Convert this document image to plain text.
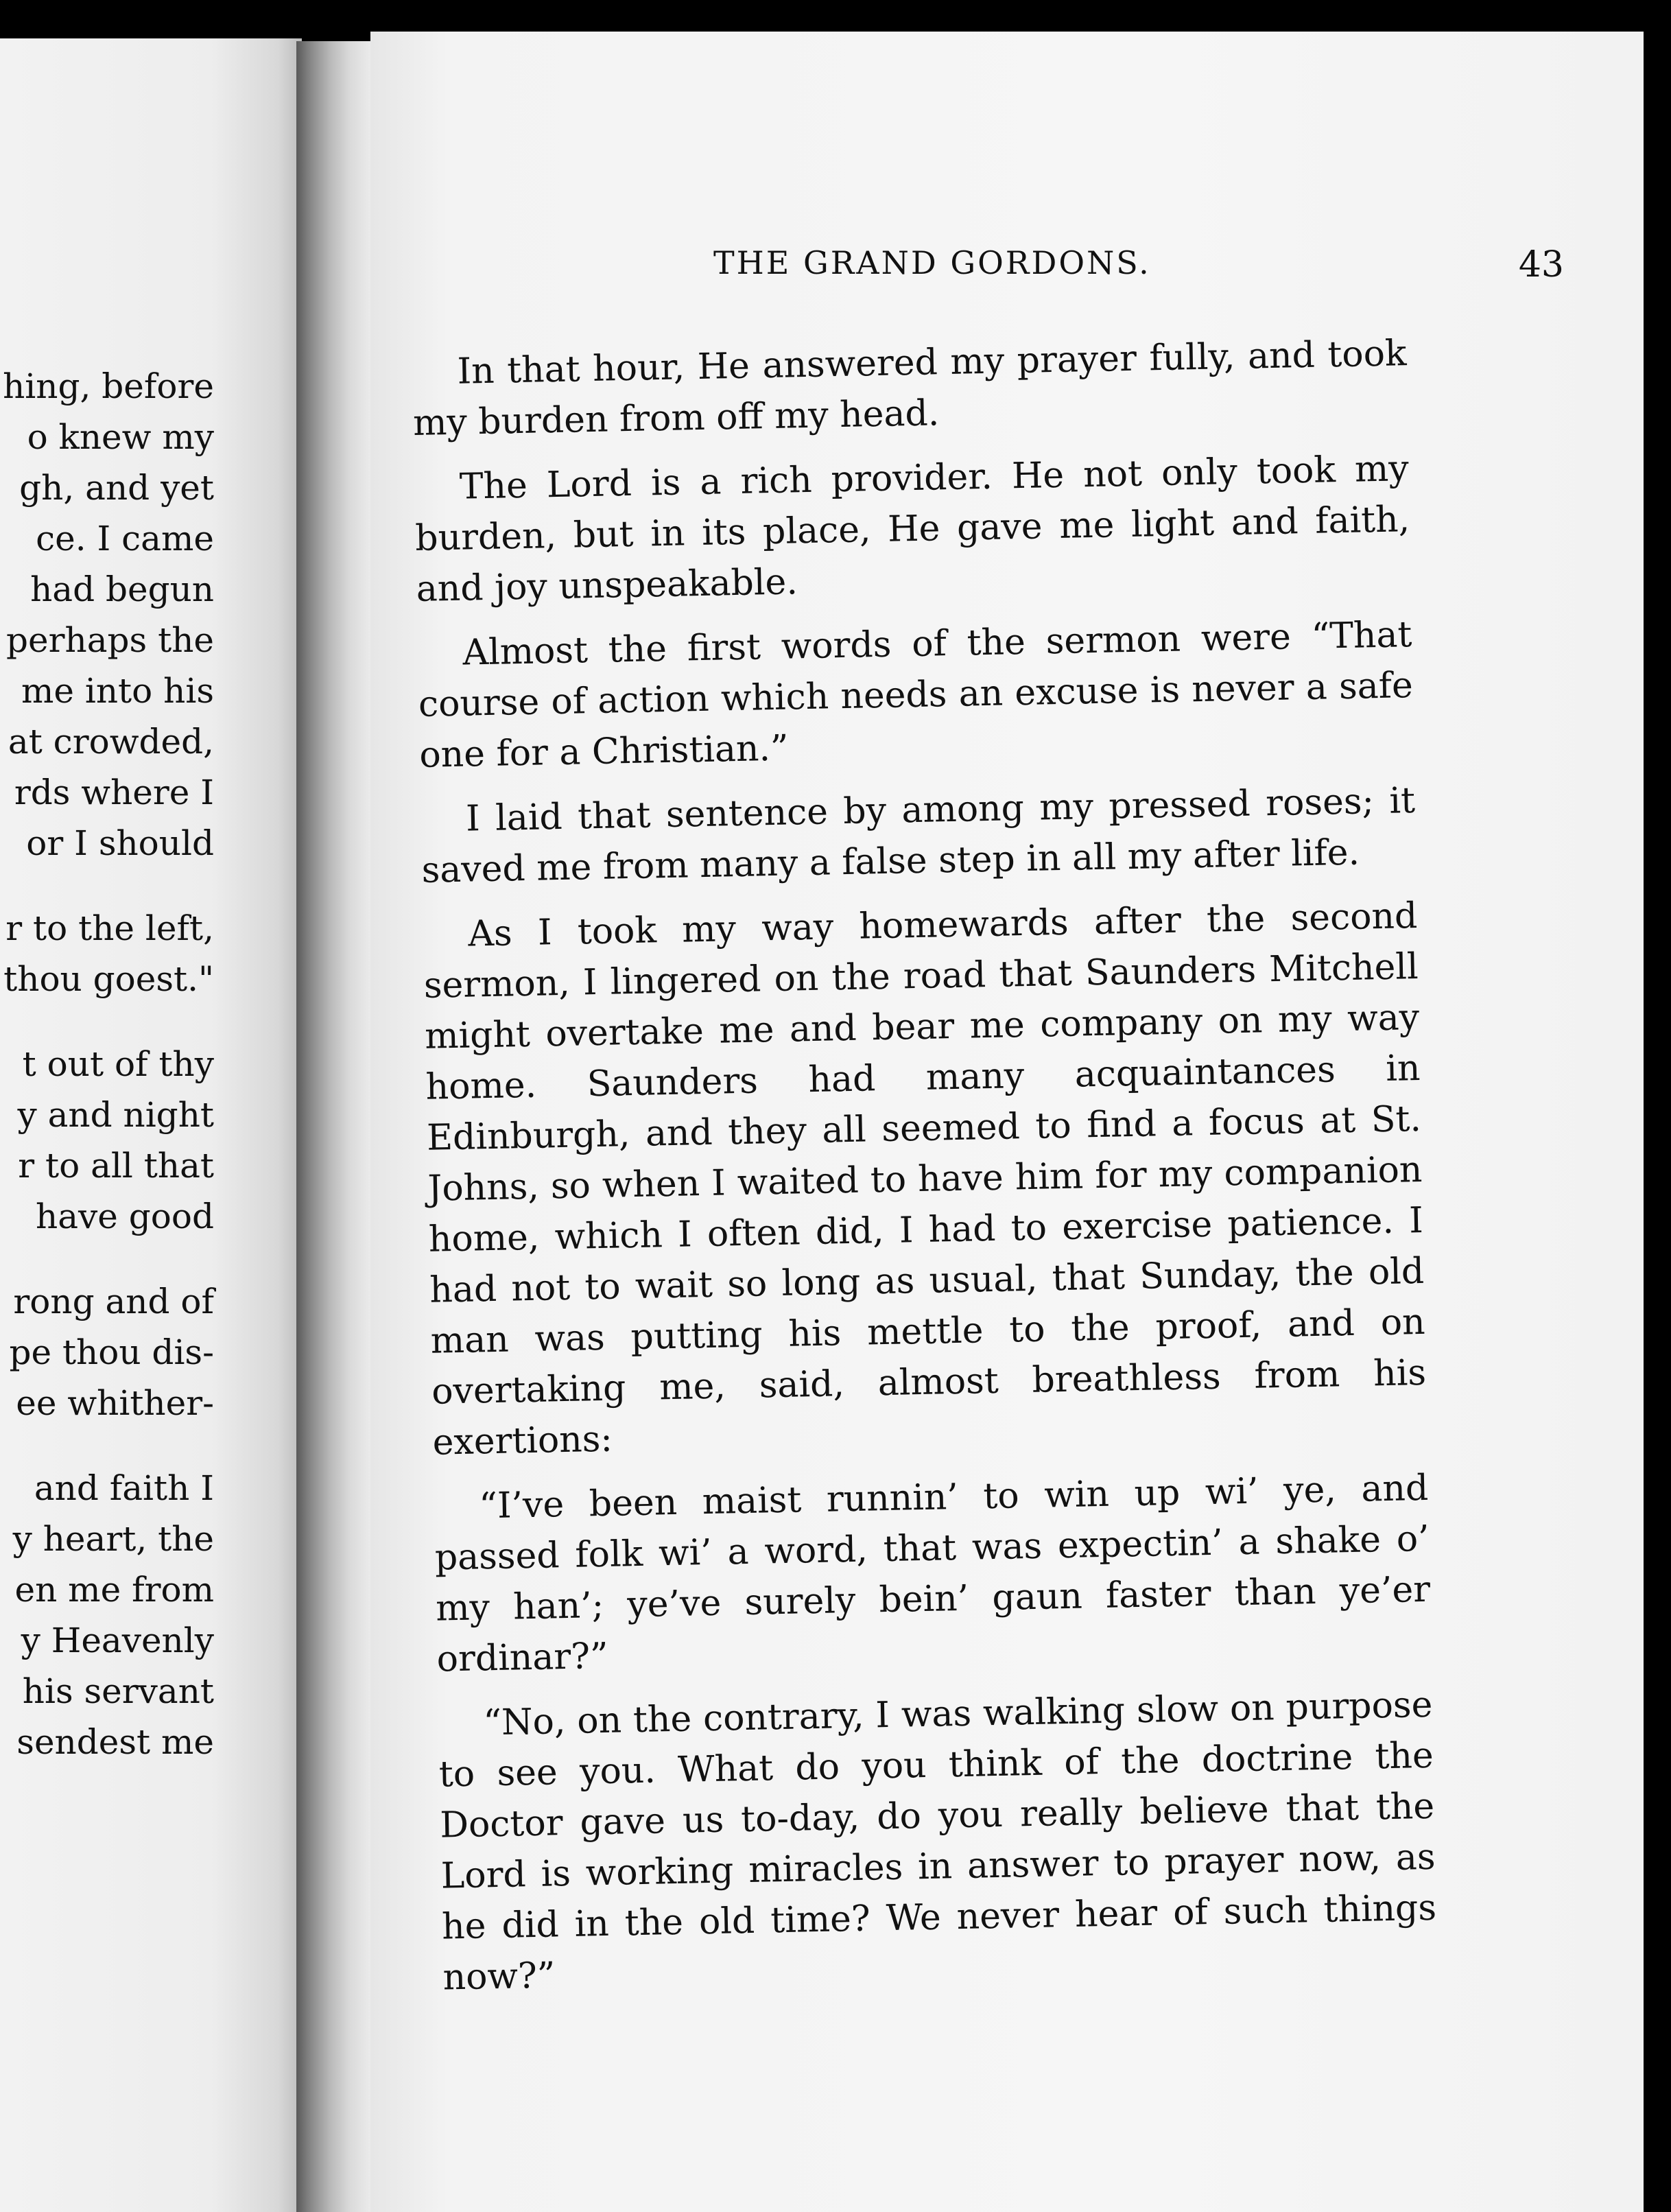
hing, before
o knew my
gh, and yet
ce. I came
had begun
perhaps the
me into his
at crowded,
rds where I
or I should
r to the left,
thou goest."
t out of thy
y and night
r to all that
have good
rong and of
pe thou dis-
ee whither-
and faith I
y heart, the
en me from
y Heavenly
his servant
sendest me
THE GRAND GORDONS.	43

In that hour, He answered my prayer fully, and took my burden from off my head.

The Lord is a rich provider. He not only took my burden, but in its place, He gave me light and faith, and joy unspeakable.

Almost the first words of the sermon were “That course of action which needs an excuse is never a safe one for a Christian.”

I laid that sentence by among my pressed roses; it saved me from many a false step in all my after life.

As I took my way homewards after the second sermon, I lingered on the road that Saunders Mitchell might overtake me and bear me company on my way home. Saunders had many acquaintances in Edinburgh, and they all seemed to find a focus at St. Johns, so when I waited to have him for my companion home, which I often did, I had to exercise patience. I had not to wait so long as usual, that Sunday, the old man was putting his mettle to the proof, and on overtaking me, said, almost breathless from his exertions:

“I’ve been maist runnin’ to win up wi’ ye, and passed folk wi’ a word, that was expectin’ a shake o’ my han’; ye’ve surely bein’ gaun faster than ye’er ordinar?”

“No, on the contrary, I was walking slow on purpose to see you. What do you think of the doctrine the Doctor gave us to-day, do you really believe that the Lord is working miracles in answer to prayer now, as he did in the old time? We never hear of such things now?”
